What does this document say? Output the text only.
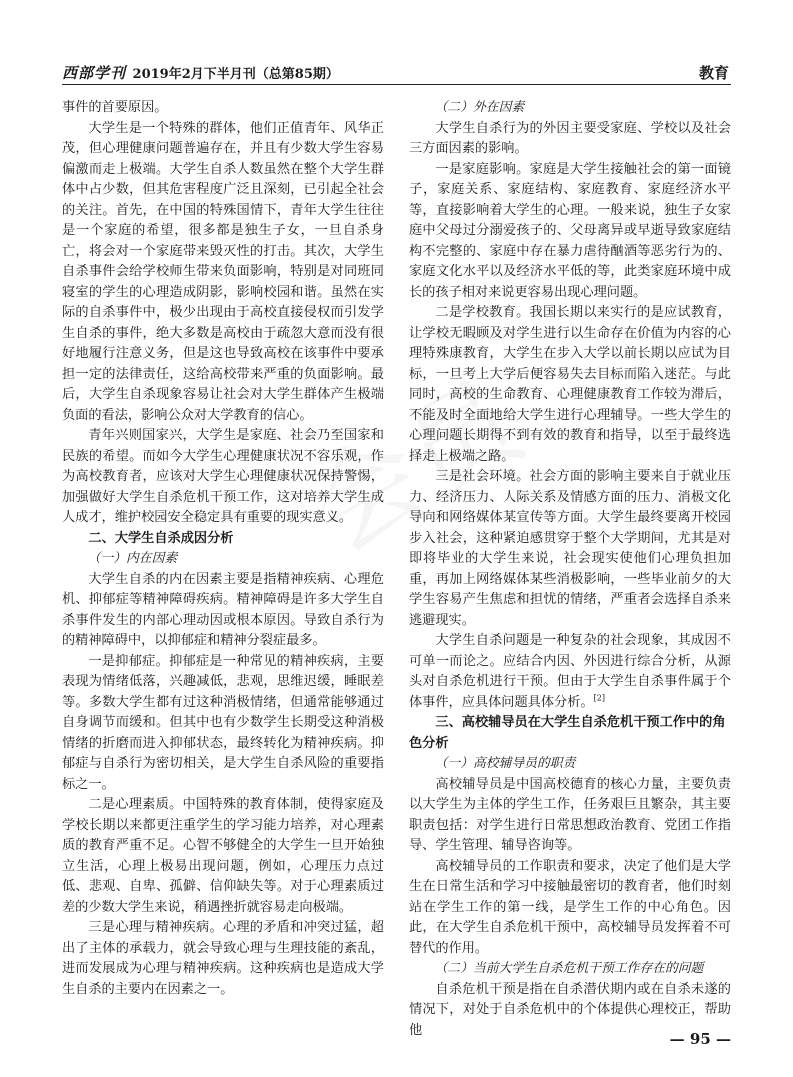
西部学刊 2019年2月下半月刊（总第85期）	教育

事件的首要原因。

大学生是一个特殊的群体，他们正值青年、风华正茂，但心理健康问题普遍存在，并且有少数大学生容易偏激而走上极端。大学生自杀人数虽然在整个大学生群体中占少数，但其危害程度广泛且深刻，已引起全社会的关注。首先，在中国的特殊国情下，青年大学生往往是一个家庭的希望，很多都是独生子女，一旦自杀身亡，将会对一个家庭带来毁灭性的打击。其次，大学生自杀事件会给学校师生带来负面影响，特别是对同班同寝室的学生的心理造成阴影，影响校园和谐。虽然在实际的自杀事件中，极少出现由于高校直接侵权而引发学生自杀的事件，绝大多数是高校由于疏忽大意而没有很好地履行注意义务，但是这也导致高校在该事件中要承担一定的法律责任，这给高校带来严重的负面影响。最后，大学生自杀现象容易让社会对大学生群体产生极端负面的看法，影响公众对大学教育的信心。

青年兴则国家兴，大学生是家庭、社会乃至国家和民族的希望。而如今大学生心理健康状况不容乐观，作为高校教育者，应该对大学生心理健康状况保持警惕，加强做好大学生自杀危机干预工作，这对培养大学生成人成才，维护校园安全稳定具有重要的现实意义。

二、大学生自杀成因分析
（一）内在因素

大学生自杀的内在因素主要是指精神疾病、心理危机、抑郁症等精神障碍疾病。精神障碍是许多大学生自杀事件发生的内部心理动因或根本原因。导致自杀行为的精神障碍中，以抑郁症和精神分裂症最多。

一是抑郁症。抑郁症是一种常见的精神疾病，主要表现为情绪低落，兴趣减低，悲观，思维迟缓，睡眠差等。多数大学生都有过这种消极情绪，但通常能够通过自身调节而缓和。但其中也有少数学生长期受这种消极情绪的折磨而进入抑郁状态，最终转化为精神疾病。抑郁症与自杀行为密切相关，是大学生自杀风险的重要指标之一。

二是心理素质。中国特殊的教育体制，使得家庭及学校长期以来都更注重学生的学习能力培养，对心理素质的教育严重不足。心智不够健全的大学生一旦开始独立生活，心理上极易出现问题，例如，心理压力点过低、悲观、自卑、孤僻、信仰缺失等。对于心理素质过差的少数大学生来说，稍遇挫折就容易走向极端。

三是心理与精神疾病。心理的矛盾和冲突过猛，超出了主体的承载力，就会导致心理与生理技能的紊乱，进而发展成为心理与精神疾病。这种疾病也是造成大学生自杀的主要内在因素之一。

（二）外在因素

大学生自杀行为的外因主要受家庭、学校以及社会三方面因素的影响。

一是家庭影响。家庭是大学生接触社会的第一面镜子，家庭关系、家庭结构、家庭教育、家庭经济水平等，直接影响着大学生的心理。一般来说，独生子女家庭中父母过分溺爱孩子的、父母离异或早逝导致家庭结构不完整的、家庭中存在暴力虐待酗酒等恶劣行为的、家庭文化水平以及经济水平低的等，此类家庭环境中成长的孩子相对来说更容易出现心理问题。

二是学校教育。我国长期以来实行的是应试教育，让学校无暇顾及对学生进行以生命存在价值为内容的心理特殊康教育，大学生在步入大学以前长期以应试为目标，一旦考上大学后便容易失去目标而陷入迷茫。与此同时，高校的生命教育、心理健康教育工作较为滞后，不能及时全面地给大学生进行心理辅导。一些大学生的心理问题长期得不到有效的教育和指导，以至于最终选择走上极端之路。

三是社会环境。社会方面的影响主要来自于就业压力、经济压力、人际关系及情感方面的压力、消极文化导向和网络媒体某宣传等方面。大学生最终要离开校园步入社会，这种紧迫感贯穿于整个大学期间，尤其是对即将毕业的大学生来说，社会现实使他们心理负担加重，再加上网络媒体某些消极影响，一些毕业前夕的大学生容易产生焦虑和担忧的情绪，严重者会选择自杀来逃避现实。

大学生自杀问题是一种复杂的社会现象，其成因不可单一而论之。应结合内因、外因进行综合分析，从源头对自杀危机进行干预。但由于大学生自杀事件属于个体事件，应具体问题具体分析。[2]

三、高校辅导员在大学生自杀危机干预工作中的角色分析
（一）高校辅导员的职责

高校辅导员是中国高校德育的核心力量，主要负责以大学生为主体的学生工作，任务艰巨且繁杂，其主要职责包括：对学生进行日常思想政治教育、党团工作指导、学生管理、辅导咨询等。

高校辅导员的工作职责和要求，决定了他们是大学生在日常生活和学习中接触最密切的教育者，他们时刻站在学生工作的第一线，是学生工作的中心角色。因此，在大学生自杀危机干预中，高校辅导员发挥着不可替代的作用。

（二）当前大学生自杀危机干预工作存在的问题

自杀危机干预是指在自杀潜伏期内或在自杀未遂的情况下，对处于自杀危机中的个体提供心理校正，帮助他	— 95 —
